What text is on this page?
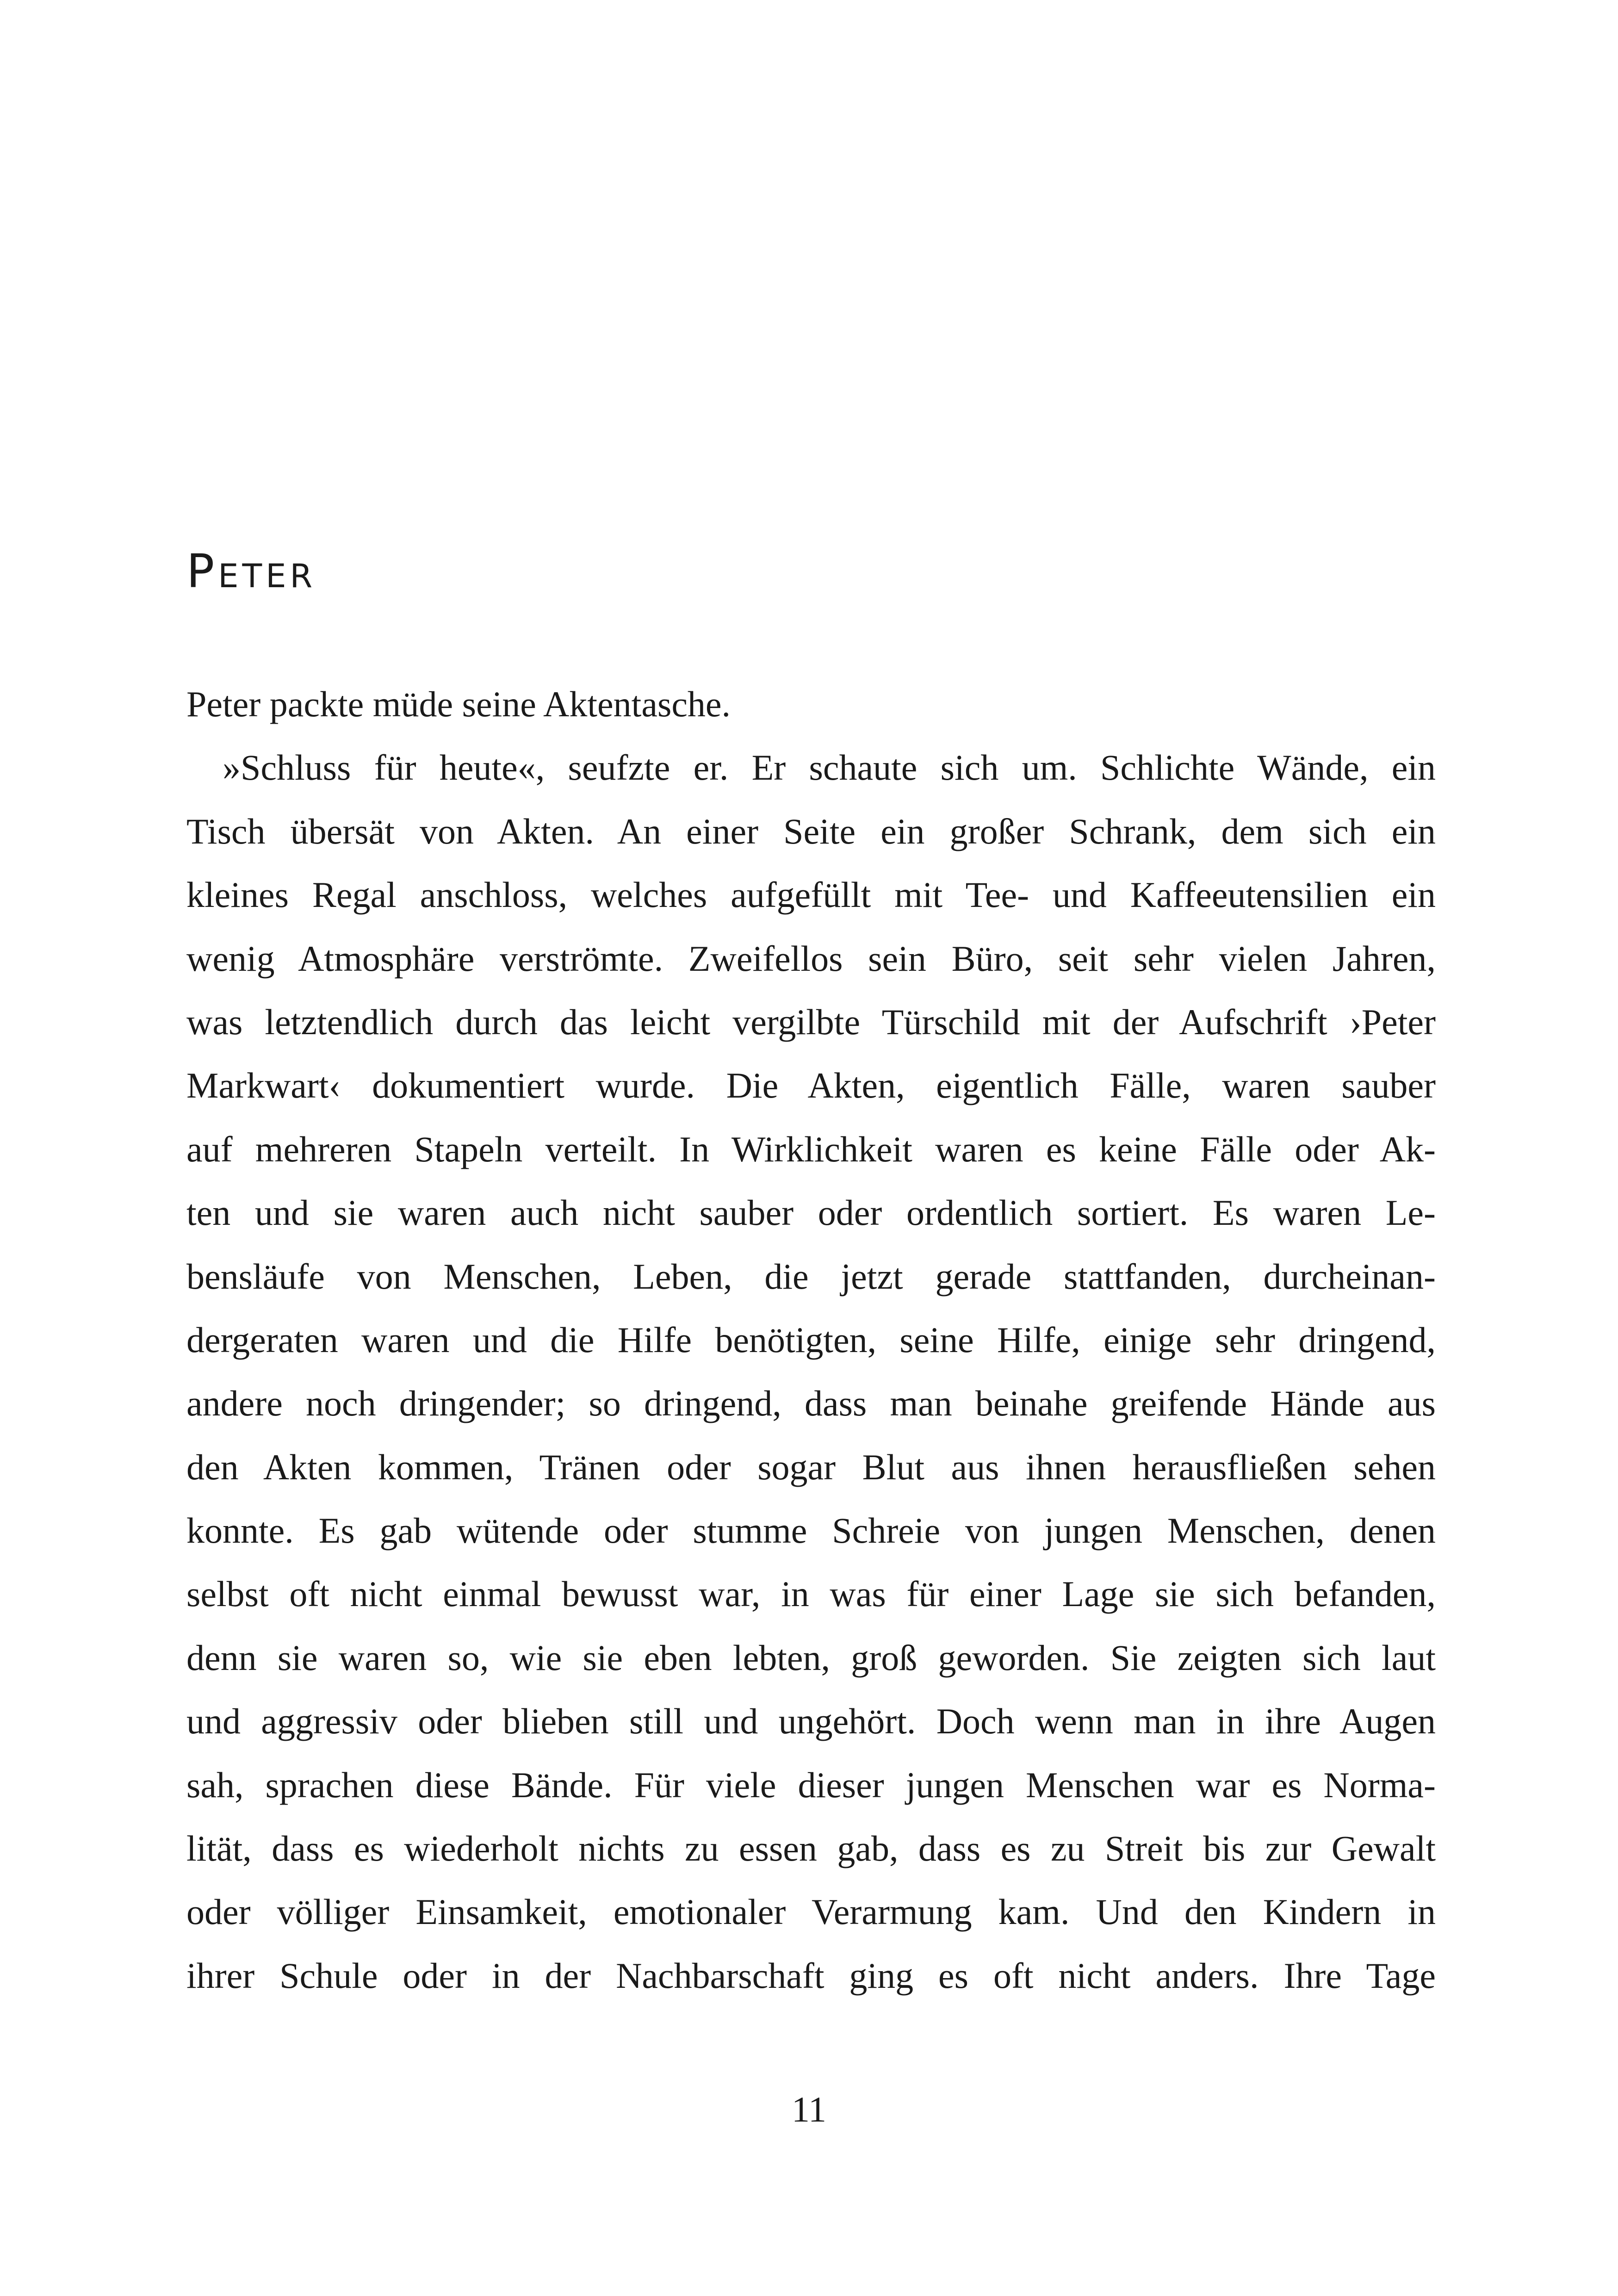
Peter
Peter packte müde seine Aktentasche.
»Schluss für heute«, seufzte er. Er schaute sich um. Schlichte Wände, ein
Tisch übersät von Akten. An einer Seite ein großer Schrank, dem sich ein
kleines Regal anschloss, welches aufgefüllt mit Tee- und Kaffeeutensilien ein
wenig Atmosphäre verströmte. Zweifellos sein Büro, seit sehr vielen Jahren,
was letztendlich durch das leicht vergilbte Türschild mit der Aufschrift ›Peter
Markwart‹ dokumentiert wurde. Die Akten, eigentlich Fälle, waren sauber
auf mehreren Stapeln verteilt. In Wirklichkeit waren es keine Fälle oder Ak-
ten und sie waren auch nicht sauber oder ordentlich sortiert. Es waren Le-
bensläufe von Menschen, Leben, die jetzt gerade stattfanden, durcheinan-
dergeraten waren und die Hilfe benötigten, seine Hilfe, einige sehr dringend,
andere noch dringender; so dringend, dass man beinahe greifende Hände aus
den Akten kommen, Tränen oder sogar Blut aus ihnen herausfließen sehen
konnte. Es gab wütende oder stumme Schreie von jungen Menschen, denen
selbst oft nicht einmal bewusst war, in was für einer Lage sie sich befanden,
denn sie waren so, wie sie eben lebten, groß geworden. Sie zeigten sich laut
und aggressiv oder blieben still und ungehört. Doch wenn man in ihre Augen
sah, sprachen diese Bände. Für viele dieser jungen Menschen war es Norma-
lität, dass es wiederholt nichts zu essen gab, dass es zu Streit bis zur Gewalt
oder völliger Einsamkeit, emotionaler Verarmung kam. Und den Kindern in
ihrer Schule oder in der Nachbarschaft ging es oft nicht anders. Ihre Tage
11
